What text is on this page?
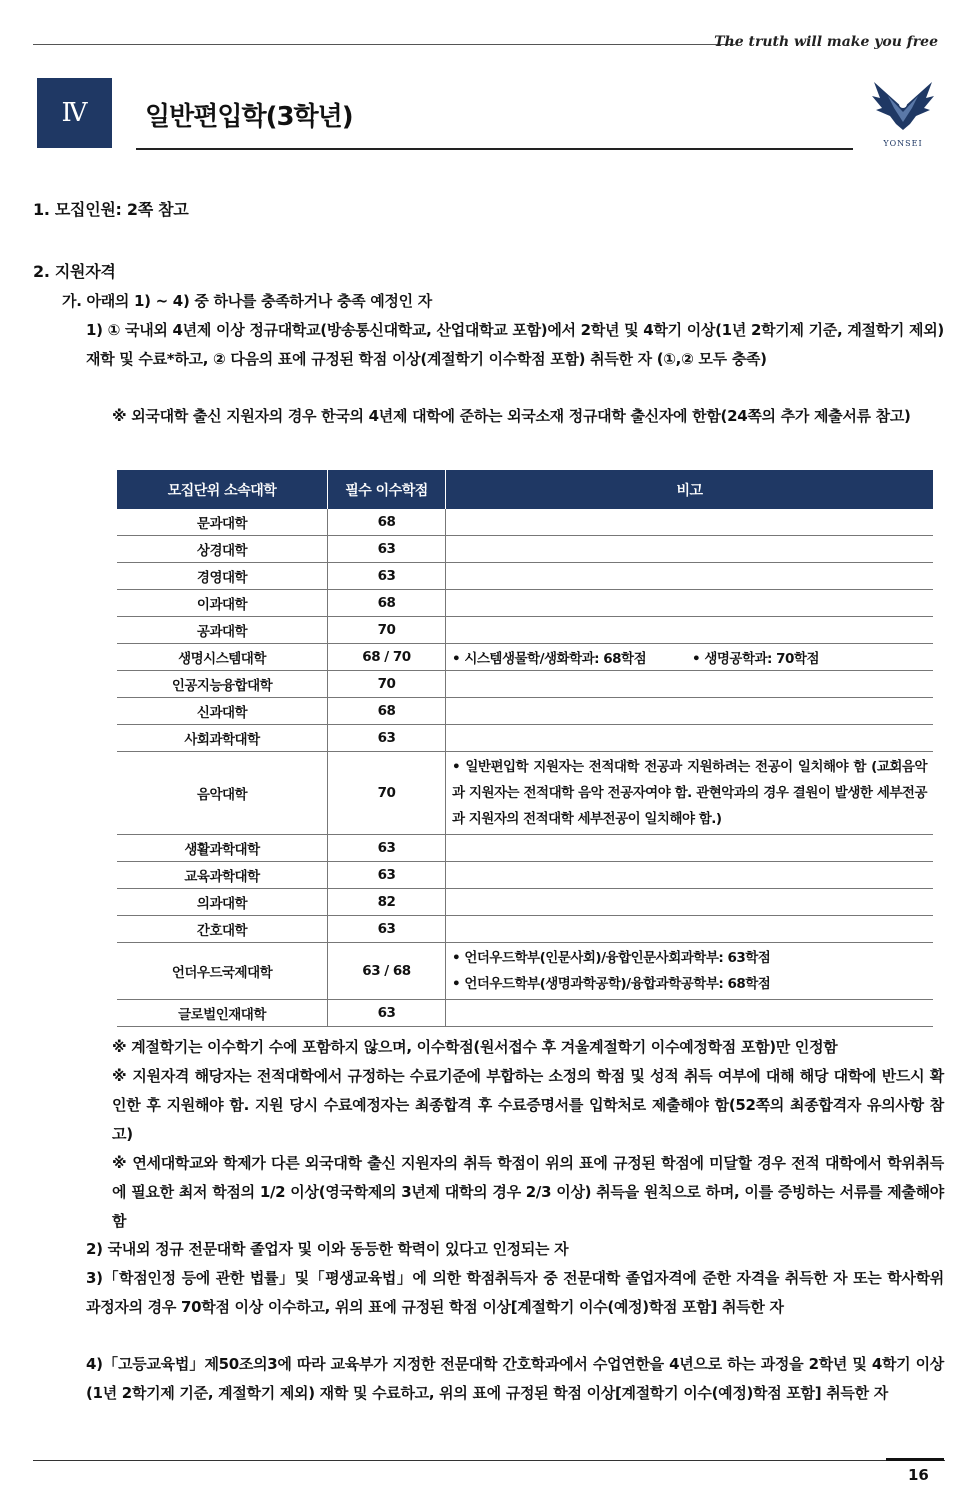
The truth will make you free
Ⅳ 일반편입학(3학년)
YONSEI
1. 모집인원: 2쪽 참고
2. 지원자격
가. 아래의 1) ~ 4) 중 하나를 충족하거나 충족 예정인 자
1) ① 국내외 4년제 이상 정규대학교(방송통신대학교, 산업대학교 포함)에서 2학년 및 4학기 이상(1년 2학기제 기준, 계절학기 제외) 재학 및 수료*하고, ② 다음의 표에 규정된 학점 이상(계절학기 이수학점 포함) 취득한 자 (①,② 모두 충족)
※ 외국대학 출신 지원자의 경우 한국의 4년제 대학에 준하는 외국소재 정규대학 출신자에 한함(24쪽의 추가 제출서류 참고)
모집단위 소속대학	필수 이수학점	비고
문과대학	68	
상경대학	63	
경영대학	63	
이과대학	68	
공과대학	70	
생명시스템대학	68 / 70	• 시스템생물학/생화학과: 68학점 • 생명공학과: 70학점
인공지능융합대학	70	
신과대학	68	
사회과학대학	63	
음악대학	70	• 일반편입학 지원자는 전적대학 전공과 지원하려는 전공이 일치해야 함 (교회음악과 지원자는 전적대학 음악 전공자여야 함. 관현악과의 경우 결원이 발생한 세부전공과 지원자의 전적대학 세부전공이 일치해야 함.)
생활과학대학	63	
교육과학대학	63	
의과대학	82	
간호대학	63	
언더우드국제대학	63 / 68	• 언더우드학부(인문사회)/융합인문사회과학부: 63학점
• 언더우드학부(생명과학공학)/융합과학공학부: 68학점

글로벌인재대학	63	
※ 계절학기는 이수학기 수에 포함하지 않으며, 이수학점(원서접수 후 겨울계절학기 이수예정학점 포함)만 인정함
※ 지원자격 해당자는 전적대학에서 규정하는 수료기준에 부합하는 소정의 학점 및 성적 취득 여부에 대해 해당 대학에 반드시 확인한 후 지원해야 함. 지원 당시 수료예정자는 최종합격 후 수료증명서를 입학처로 제출해야 함(52쪽의 최종합격자 유의사항 참고)
※ 연세대학교와 학제가 다른 외국대학 출신 지원자의 취득 학점이 위의 표에 규정된 학점에 미달할 경우 전적 대학에서 학위취득에 필요한 최저 학점의 1/2 이상(영국학제의 3년제 대학의 경우 2/3 이상) 취득을 원칙으로 하며, 이를 증빙하는 서류를 제출해야 함
2) 국내외 정규 전문대학 졸업자 및 이와 동등한 학력이 있다고 인정되는 자
3)「학점인정 등에 관한 법률」및「평생교육법」에 의한 학점취득자 중 전문대학 졸업자격에 준한 자격을 취득한 자 또는 학사학위 과정자의 경우 70학점 이상 이수하고, 위의 표에 규정된 학점 이상[계절학기 이수(예정)학점 포함] 취득한 자
4)「고등교육법」제50조의3에 따라 교육부가 지정한 전문대학 간호학과에서 수업연한을 4년으로 하는 과정을 2학년 및 4학기 이상(1년 2학기제 기준, 계절학기 제외) 재학 및 수료하고, 위의 표에 규정된 학점 이상[계절학기 이수(예정)학점 포함] 취득한 자
16
